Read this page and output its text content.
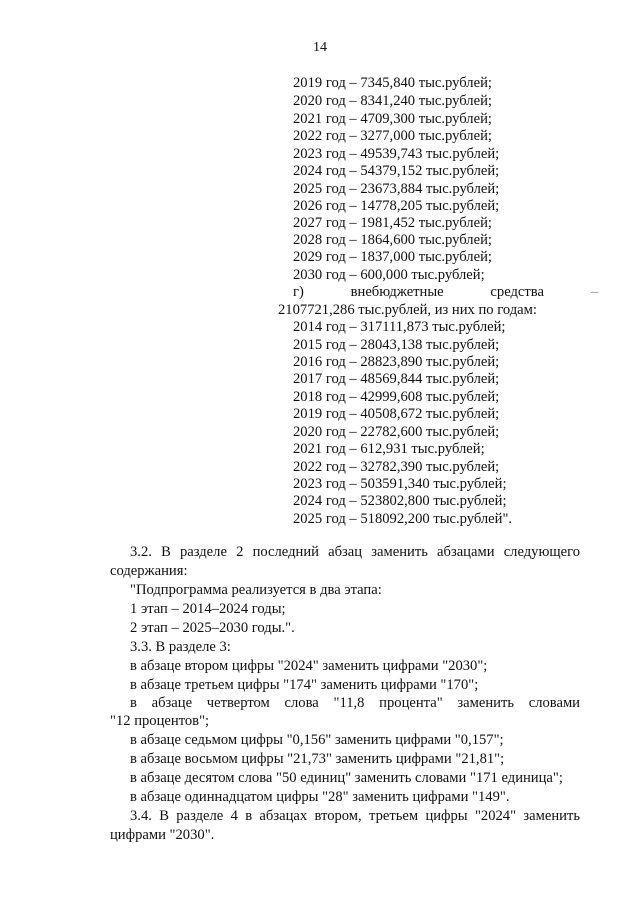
14
2019 год – 7345,840 тыс.рублей;
2020 год – 8341,240 тыс.рублей;
2021 год – 4709,300 тыс.рублей;
2022 год – 3277,000 тыс.рублей;
2023 год – 49539,743 тыс.рублей;
2024 год – 54379,152 тыс.рублей;
2025 год – 23673,884 тыс.рублей;
2026 год – 14778,205 тыс.рублей;
2027 год – 1981,452 тыс.рублей;
2028 год – 1864,600 тыс.рублей;
2029 год – 1837,000 тыс.рублей;
2030 год – 600,000 тыс.рублей;
г)	внебюджетные	средства	–
2107721,286 тыс.рублей, из них по годам:
2014 год – 317111,873 тыс.рублей;
2015 год – 28043,138 тыс.рублей;
2016 год – 28823,890 тыс.рублей;
2017 год – 48569,844 тыс.рублей;
2018 год – 42999,608 тыс.рублей;
2019 год – 40508,672 тыс.рублей;
2020 год – 22782,600 тыс.рублей;
2021 год – 612,931 тыс.рублей;
2022 год – 32782,390 тыс.рублей;
2023 год – 503591,340 тыс.рублей;
2024 год – 523802,800 тыс.рублей;
2025 год – 518092,200 тыс.рублей".
3.2. В разделе 2 последний абзац заменить абзацами следующего
содержания:
"Подпрограмма реализуется в два этапа:
1 этап – 2014–2024 годы;
2 этап – 2025–2030 годы.".
3.3. В разделе 3:
в абзаце втором цифры "2024" заменить цифрами "2030";
в абзаце третьем цифры "174" заменить цифрами "170";
в абзаце четвертом слова "11,8 процента" заменить словами
"12 процентов";
в абзаце седьмом цифры "0,156" заменить цифрами "0,157";
в абзаце восьмом цифры "21,73" заменить цифрами "21,81";
в абзаце десятом слова "50 единиц" заменить словами "171 единица";
в абзаце одиннадцатом цифры "28" заменить цифрами "149".
3.4. В разделе 4 в абзацах втором, третьем цифры "2024" заменить
цифрами "2030".
